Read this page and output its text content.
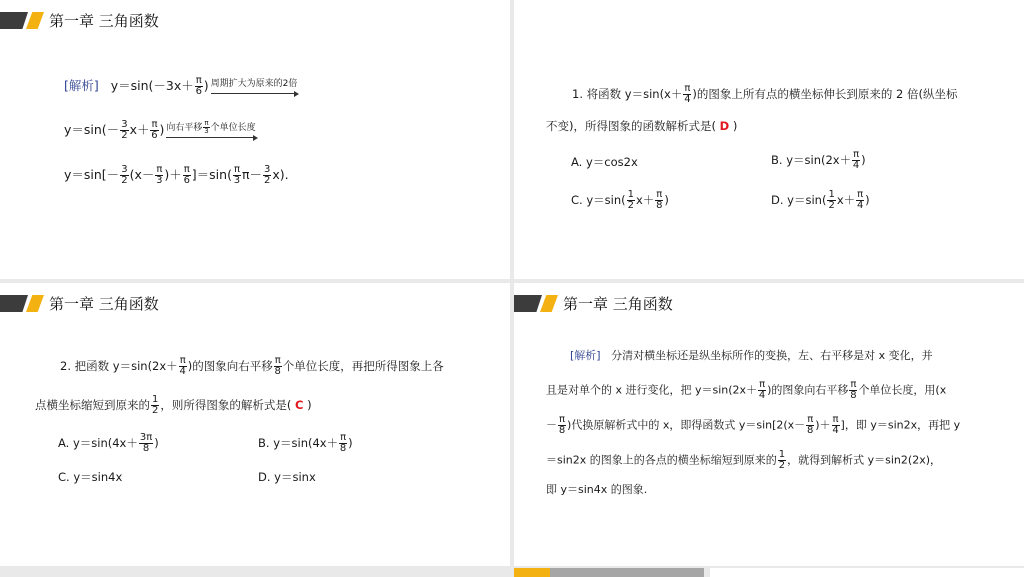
第一章 三角函数
[解析] $y=\sin(-3x+ \frac{\pi}{6}$ ) 周期扩大为原来的2倍
$y=\sin(- \frac{3}{2} x+ \frac{\pi}{6}$ ) 向右平移 $\frac{\pi}{3}$ 个单位长度
$y=\sin[- \frac{3}{2} (x- \frac{\pi}{3}$ )＋ $\frac{\pi}{6} ]=\sin( \frac{\pi}{3} \pi- \frac{3}{2} x)$.
1. 将函数 $y=\sin(x+ \frac{\pi}{4}$ )的图象上所有点的横坐标伸长到原来的 2 倍(纵坐标
不变)，所得图象的函数解析式是( D )
A. y＝cos2x	B. $y=\sin(2x+ \frac{\pi}{4}$ )
C. $y=\sin( \frac{1}{2} x+ \frac{\pi}{8}$ )	D. $y=\sin( \frac{1}{2} x+ \frac{\pi}{4}$ )
第一章 三角函数
2. 把函数 $y=\sin(2x+ \frac{\pi}{4}$ )的图象向右平移 $\frac{\pi}{8}$ 个单位长度，再把所得图象上各
点横坐标缩短到原来的 $\frac{1}{2}$ ，则所得图象的解析式是( C )
A. $y=\sin(4x+ \frac{3\pi}{8}$ )	B. $y=\sin(4x+ \frac{\pi}{8}$ )
C. y＝sin4x	D. y＝sinx
第一章 三角函数
[解析] 分清对横坐标还是纵坐标所作的变换，左、右平移是对 x 变化，并
且是对单个的 x 进行变化，把 $y=\sin(2x+ \frac{\pi}{4}$ )的图象向右平移 $\frac{\pi}{8}$ 个单位长度，用(x
－ $\frac{\pi}{8}$ )代换原解析式中的 x，即得函数式 $y=\sin[2(x- \frac{\pi}{8}$ )＋ $\frac{\pi}{4}$ ]，即 y＝sin2x，再把 y
＝sin2x 的图象上的各点的横坐标缩短到原来的 $\frac{1}{2}$ ，就得到解析式 y＝sin2(2x)，
即 y＝sin4x 的图象.
